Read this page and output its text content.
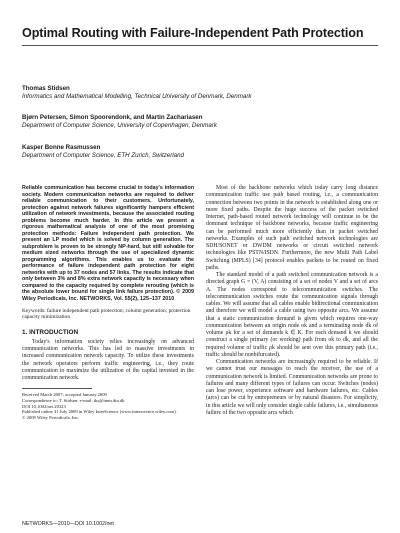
Optimal Routing with Failure-Independent Path Protection
Thomas Stidsen
Informatics and Mathematical Modelling, Technical University of Denmark, Denmark
Bjørn Petersen, Simon Spoorendonk, and Martin Zachariasen
Department of Computer Science, University of Copenhagen, Denmark
Kasper Bonne Rasmussen
Department of Computer Science, ETH Zurich, Switzerland
Reliable communication has become crucial in today's information society. Modern communication networks are required to deliver reliable communication to their customers. Unfortunately, protection against network failures significantly hampers efficient utilization of network investments, because the associated routing problems become much harder. In this article we present a rigorous mathematical analysis of one of the most promising protection methods: Failure independent path protection. We present an LP model which is solved by column generation. The subproblem is proven to be strongly NP-hard, but still solvable for medium sized networks through the use of specialized dynamic programming algorithms. This enables us to evaluate the performance of failure independent path protection for eight networks with up to 37 nodes and 57 links. The results indicate that only between 3% and 8% extra network capacity is necessary when compared to the capacity required by complete rerouting (which is the absolute lower bound for single link failure protection). © 2009 Wiley Periodicals, Inc. NETWORKS, Vol. 55(2), 125–137 2010
Keywords: failure independent path protection; column generation; protection capacity minimization
1. INTRODUCTION

Today's information society relies increasingly on advanced communication networks. This has led to massive investments in increased communication network capacity. To utilize these investments the network operators perform traffic engineering, i.e., they route communication to maximize the utilization of the capital invested in the communication network.

Received March 2007; accepted January 2009
Correspondence to: T. Stidsen; e-mail: tks@imm.dtu.dk
DOI 10.1002/net.20323
Published online 31 July 2009 in Wiley InterScience (www.interscience.wiley.com).
© 2009 Wiley Periodicals, Inc.

Most of the backbone networks which today carry long distance communication traffic use path based routing, i.e., a communication connection between two points in the network is established along one or more fixed paths. Despite the huge success of the packet switched Internet, path-based routed network technology will continue to be the dominant technique of backbone networks, because traffic engineering can be performed much more efficiently than in packet switched networks. Examples of such path switched network technologies are SDH/SONET or DWDM networks or circuit switched network technologies like PSTN/ISDN. Furthermore, the new Multi Path Label Switching (MPLS) [34] protocol enables packets to be routed on fixed paths.

The standard model of a path switched communication network is a directed graph G = (V, A) consisting of a set of nodes V and a set of arcs A. The nodes correspond to telecommunication switches. The telecommunication switches route the communication signals through cables. We will assume that all cables enable bidirectional communication and therefore we will model a cable using two opposite arcs. We assume that a static communication demand is given which requires one-way communication between an origin node ok and a terminating node dk of volume ρk for a set of demands k ∈ K. For each demand k we should construct a single primary (or working) path from ok to dk, and all the required volume of traffic ρk should be sent over this primary path (i.e., traffic should be nonbifurcated).

Communication networks are increasingly required to be reliable. If we cannot trust our messages to reach the receiver, the use of a communication network is limited. Communication networks are prone to failures and many different types of failures can occur. Switches (nodes) can lose power, experience software and hardware failures, etc. Cables (arcs) can be cut by entrepreneurs or by natural disasters. For simplicity, in this article we will only consider single cable failures, i.e., simultaneous failure of the two opposite arcs which

NETWORKS—2010—DOI 10.1002/net
